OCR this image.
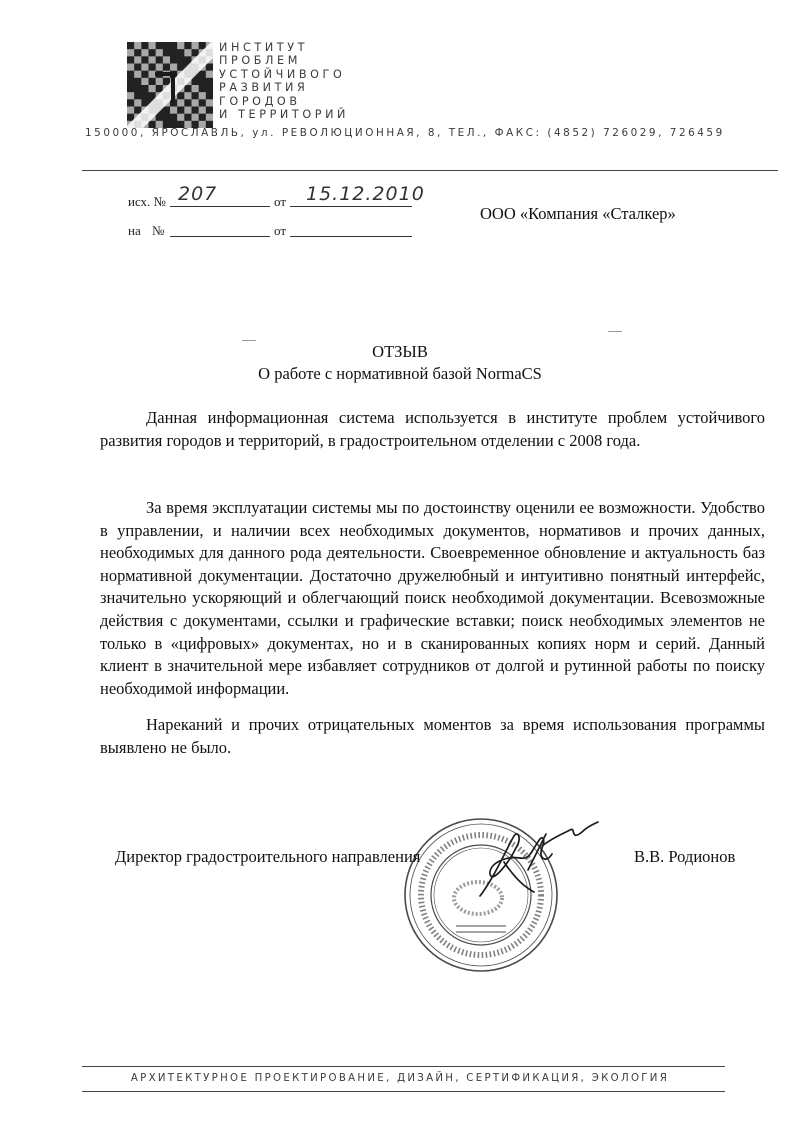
ИНСТИТУТ
ПРОБЛЕМ
УСТОЙЧИВОГО
РАЗВИТИЯ
ГОРОДОВ
И ТЕРРИТОРИЙ
150000, ЯРОСЛАВЛЬ, ул. РЕВОЛЮЦИОННАЯ, 8, ТЕЛ., ФАКС: (4852) 726029, 726459
исх. № 207	от 15.12.2010
на №	от
ООО «Компания «Сталкер»
ОТЗЫВ
О работе с нормативной базой NormaCS
Данная информационная система используется в институте проблем устойчивого развития городов и территорий, в градостроительном отделении с 2008 года.
За время эксплуатации системы мы по достоинству оценили ее возможности. Удобство в управлении, и наличии всех необходимых документов, нормативов и прочих данных, необходимых для данного рода деятельности. Своевременное обновление и актуальность баз нормативной документации. Достаточно дружелюбный и интуитивно понятный интерфейс, значительно ускоряющий и облегчающий поиск необходимой документации. Всевозможные действия с документами, ссылки и графические вставки; поиск необходимых элементов не только в «цифровых» документах, но и в сканированных копиях норм и серий. Данный клиент в значительной мере избавляет сотрудников от долгой и рутинной работы по поиску необходимой информации.
Нареканий и прочих отрицательных моментов за время использования программы выявлено не было.
Директор градостроительного направления	В.В. Родионов
АРХИТЕКТУРНОЕ ПРОЕКТИРОВАНИЕ, ДИЗАЙН, СЕРТИФИКАЦИЯ, ЭКОЛОГИЯ
